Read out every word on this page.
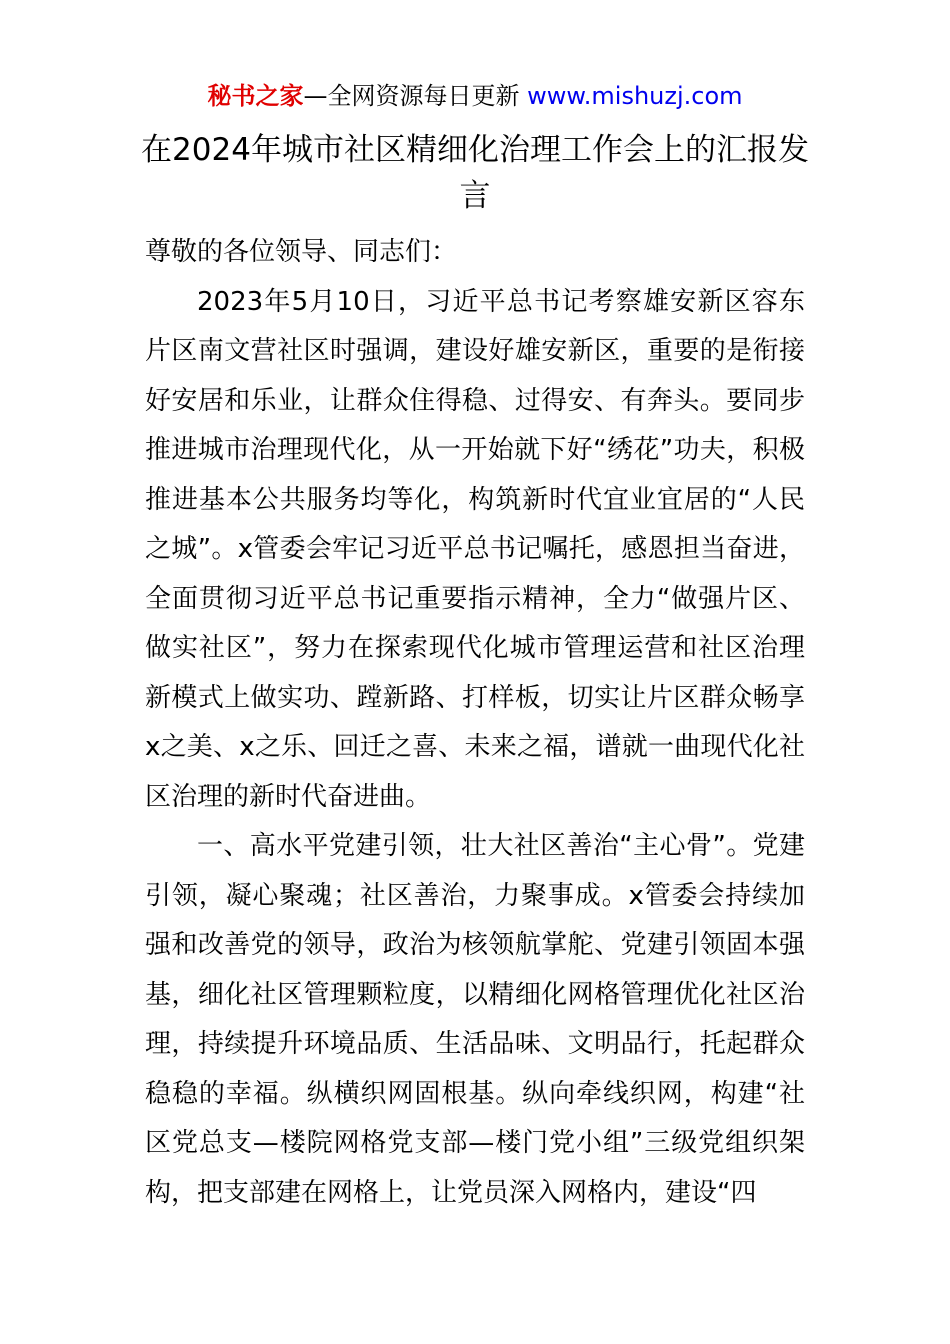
秘书之家—全网资源每日更新 www.mishuzj.com
在2024年城市社区精细化治理工作会上的汇报发言

尊敬的各位领导、同志们：

2023年5月10日，习近平总书记考察雄安新区容东片区南文营社区时强调，建设好雄安新区，重要的是衔接好安居和乐业，让群众住得稳、过得安、有奔头。要同步推进城市治理现代化，从一开始就下好“绣花”功夫，积极推进基本公共服务均等化，构筑新时代宜业宜居的“人民之城”。x管委会牢记习近平总书记嘱托，感恩担当奋进，全面贯彻习近平总书记重要指示精神，全力“做强片区、做实社区”，努力在探索现代化城市管理运营和社区治理新模式上做实功、蹚新路、打样板，切实让片区群众畅享x之美、x之乐、回迁之喜、未来之福，谱就一曲现代化社区治理的新时代奋进曲。

一、高水平党建引领，壮大社区善治“主心骨”。党建引领，凝心聚魂；社区善治，力聚事成。x管委会持续加强和改善党的领导，政治为核领航掌舵、党建引领固本强基，细化社区管理颗粒度，以精细化网格管理优化社区治理，持续提升环境品质、生活品味、文明品行，托起群众稳稳的幸福。纵横织网固根基。纵向牵线织网，构建“社区党总支—楼院网格党支部—楼门党小组”三级党组织架构，把支部建在网格上，让党员深入网格内，建设“四
